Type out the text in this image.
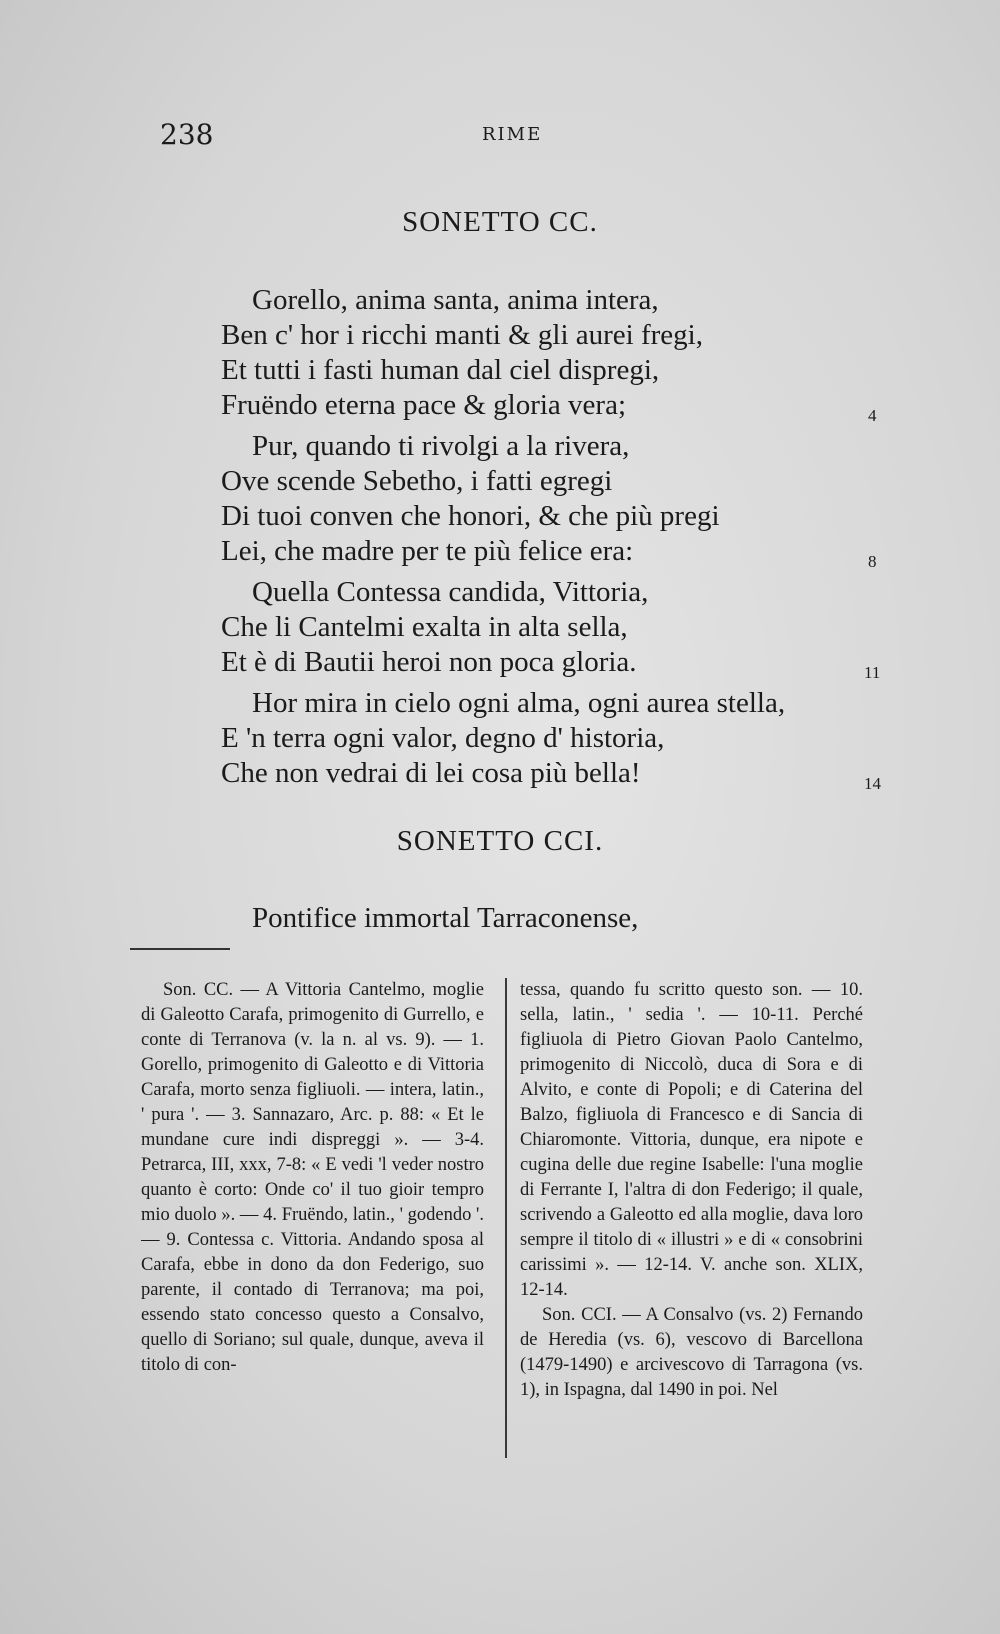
238	RIME
SONETTO CC.
Gorello, anima santa, anima intera,
Ben c' hor i ricchi manti & gli aurei fregi,
Et tutti i fasti human dal ciel dispregi,
Fruëndo eterna pace & gloria vera;
Pur, quando ti rivolgi a la rivera,
Ove scende Sebetho, i fatti egregi
Di tuoi conven che honori, & che più pregi
Lei, che madre per te più felice era:
Quella Contessa candida, Vittoria,
Che li Cantelmi exalta in alta sella,
Et è di Bautii heroi non poca gloria.
Hor mira in cielo ogni alma, ogni aurea stella,
E 'n terra ogni valor, degno d' historia,
Che non vedrai di lei cosa più bella!
4
8
11
14
SONETTO CCI.
Pontifice immortal Tarraconense,

Son. CC. — A Vittoria Cantelmo, moglie di Galeotto Carafa, primogenito di Gurrello, e conte di Terranova (v. la n. al vs. 9). — 1. Gorello, primogenito di Galeotto e di Vittoria Carafa, morto senza figliuoli. — intera, latin., ' pura '. — 3. Sannazaro, Arc. p. 88: « Et le mundane cure indi dispreggi ». — 3-4. Petrarca, III, xxx, 7-8: « E vedi 'l veder nostro quanto è corto: Onde co' il tuo gioir tempro mio duolo ». — 4. Fruëndo, latin., ' godendo '. — 9. Contessa c. Vittoria. Andando sposa al Carafa, ebbe in dono da don Federigo, suo parente, il contado di Terranova; ma poi, essendo stato concesso questo a Consalvo, quello di Soriano; sul quale, dunque, aveva il titolo di con-

tessa, quando fu scritto questo son. — 10. sella, latin., ' sedia '. — 10-11. Perché figliuola di Pietro Giovan Paolo Cantelmo, primogenito di Niccolò, duca di Sora e di Alvito, e conte di Popoli; e di Caterina del Balzo, figliuola di Francesco e di Sancia di Chiaromonte. Vittoria, dunque, era nipote e cugina delle due regine Isabelle: l'una moglie di Ferrante I, l'altra di don Federigo; il quale, scrivendo a Galeotto ed alla moglie, dava loro sempre il titolo di « illustri » e di « consobrini carissimi ». — 12-14. V. anche son. XLIX, 12-14.

Son. CCI. — A Consalvo (vs. 2) Fernando de Heredia (vs. 6), vescovo di Barcellona (1479-1490) e arcivescovo di Tarragona (vs. 1), in Ispagna, dal 1490 in poi. Nel
